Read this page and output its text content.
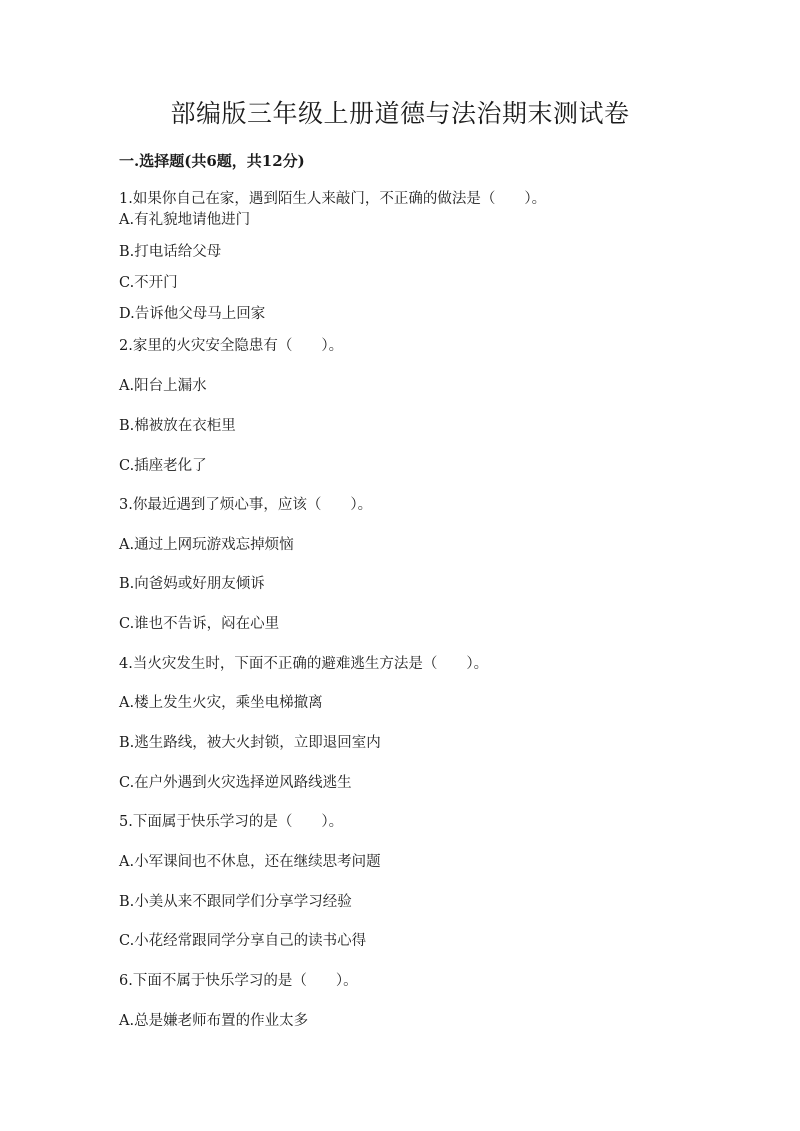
部编版三年级上册道德与法治期末测试卷
一.选择题(共6题，共12分)

1.如果你自己在家，遇到陌生人来敲门，不正确的做法是（　　）。

A.有礼貌地请他进门

B.打电话给父母

C.不开门

D.告诉他父母马上回家

2.家里的火灾安全隐患有（　　）。

A.阳台上漏水

B.棉被放在衣柜里

C.插座老化了

3.你最近遇到了烦心事，应该（　　）。

A.通过上网玩游戏忘掉烦恼

B.向爸妈或好朋友倾诉

C.谁也不告诉，闷在心里

4.当火灾发生时，下面不正确的避难逃生方法是（　　）。

A.楼上发生火灾，乘坐电梯撤离

B.逃生路线，被大火封锁，立即退回室内

C.在户外遇到火灾选择逆风路线逃生

5.下面属于快乐学习的是（　　）。

A.小军课间也不休息，还在继续思考问题

B.小美从来不跟同学们分享学习经验

C.小花经常跟同学分享自己的读书心得

6.下面不属于快乐学习的是（　　）。

A.总是嫌老师布置的作业太多
